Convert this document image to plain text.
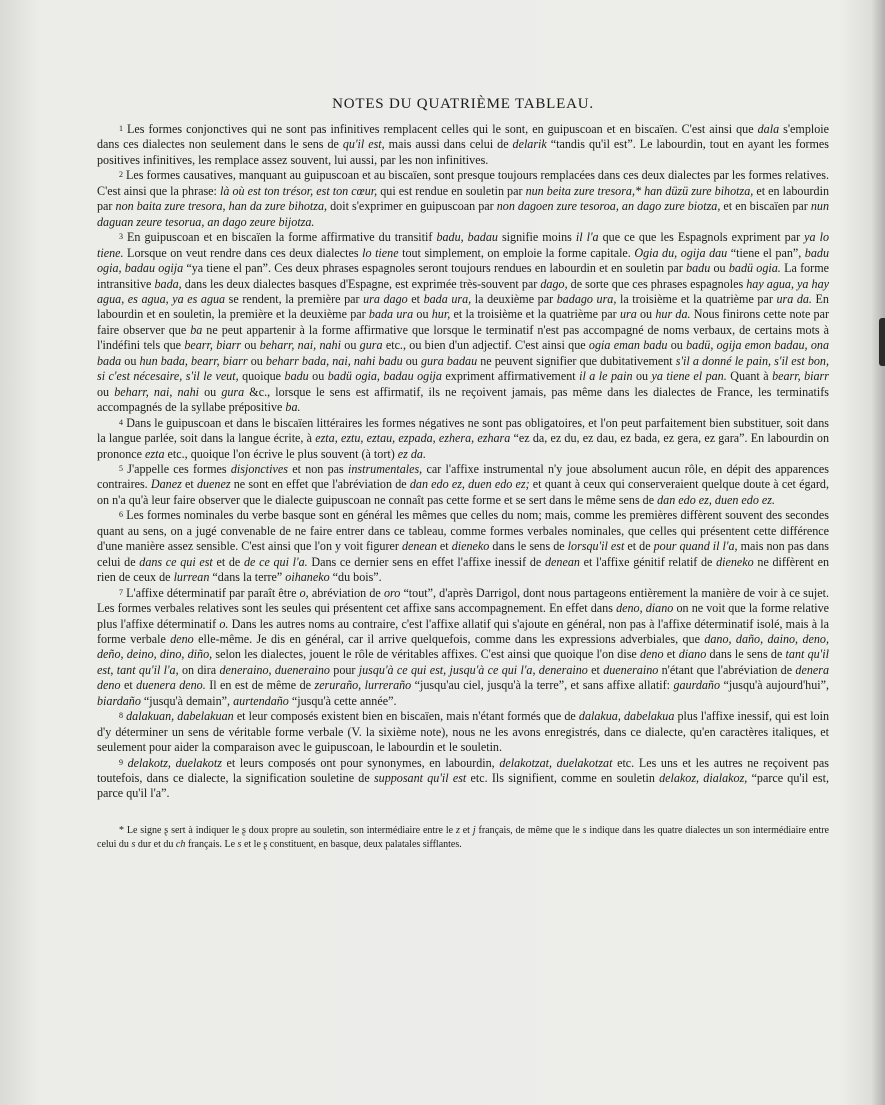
NOTES DU QUATRIÈME TABLEAU.

$^1$ Les formes conjonctives qui ne sont pas infinitives remplacent celles qui le sont, en guipuscoan et en biscaïen. C'est ainsi que dala s'emploie dans ces dialectes non seulement dans le sens de qu'il est, mais aussi dans celui de delarik “tandis qu'il est”. Le labourdin, tout en ayant les formes positives infinitives, les remplace assez souvent, lui aussi, par les non infinitives.

$^2$ Les formes causatives, manquant au guipuscoan et au biscaïen, sont presque toujours remplacées dans ces deux dialectes par les formes relatives. C'est ainsi que la phrase: là où est ton trésor, est ton cœur, qui est rendue en souletin par nun beita zure tresora,* han düzü zure bihotza, et en labourdin par non baita zure tresora, han da zure bihotza, doit s'exprimer en guipuscoan par non dagoen zure tesoroa, an dago zure biotza, et en biscaïen par nun daguan zeure tesorua, an dago zeure bijotza.

$^3$ En guipuscoan et en biscaïen la forme affirmative du transitif badu, badau signifie moins il l'a que ce que les Espagnols expriment par ya lo tiene. Lorsque on veut rendre dans ces deux dialectes lo tiene tout simplement, on emploie la forme capitale. Ogia du, ogija dau “tiene el pan”, badu ogia, badau ogija “ya tiene el pan”. Ces deux phrases espagnoles seront toujours rendues en labourdin et en souletin par badu ou badü ogia. La forme intransitive bada, dans les deux dialectes basques d'Espagne, est exprimée très-souvent par dago, de sorte que ces phrases espagnoles hay agua, ya hay agua, es agua, ya es agua se rendent, la première par ura dago et bada ura, la deuxième par badago ura, la troisième et la quatrième par ura da. En labourdin et en souletin, la première et la deuxième par bada ura ou hur, et la troisième et la quatrième par ura ou hur da. Nous finirons cette note par faire observer que ba ne peut appartenir à la forme affirmative que lorsque le terminatif n'est pas accompagné de noms verbaux, de certains mots à l'indéfini tels que bearr, biarr ou beharr, nai, nahi ou gura etc., ou bien d'un adjectif. C'est ainsi que ogia eman badu ou badü, ogija emon badau, ona bada ou hun bada, bearr, biarr ou beharr bada, nai, nahi badu ou gura badau ne peuvent signifier que dubitativement s'il a donné le pain, s'il est bon, si c'est nécesaire, s'il le veut, quoique badu ou badü ogia, badau ogija expriment affirmativement il a le pain ou ya tiene el pan. Quant à bearr, biarr ou beharr, nai, nahi ou gura &c., lorsque le sens est affirmatif, ils ne reçoivent jamais, pas même dans les dialectes de France, les terminatifs accompagnés de la syllabe prépositive ba.

$^4$ Dans le guipuscoan et dans le biscaïen littéraires les formes négatives ne sont pas obligatoires, et l'on peut parfaitement bien substituer, soit dans la langue parlée, soit dans la langue écrite, à ezta, eztu, eztau, ezpada, ezhera, ezhara “ez da, ez du, ez dau, ez bada, ez gera, ez gara”. En labourdin on prononce ezta etc., quoique l'on écrive le plus souvent (à tort) ez da.

$^5$ J'appelle ces formes disjonctives et non pas instrumentales, car l'affixe instrumental n'y joue absolument aucun rôle, en dépit des apparences contraires. Danez et duenez ne sont en effet que l'abréviation de dan edo ez, duen edo ez; et quant à ceux qui conserveraient quelque doute à cet égard, on n'a qu'à leur faire observer que le dialecte guipuscoan ne connaît pas cette forme et se sert dans le même sens de dan edo ez, duen edo ez.

$^6$ Les formes nominales du verbe basque sont en général les mêmes que celles du nom; mais, comme les premières diffèrent souvent des secondes quant au sens, on a jugé convenable de ne faire entrer dans ce tableau, comme formes verbales nominales, que celles qui présentent cette différence d'une manière assez sensible. C'est ainsi que l'on y voit figurer denean et dieneko dans le sens de lorsqu'il est et de pour quand il l'a, mais non pas dans celui de dans ce qui est et de de ce qui l'a. Dans ce dernier sens en effet l'affixe inessif de denean et l'affixe génitif relatif de dieneko ne diffèrent en rien de ceux de lurrean “dans la terre” oihaneko “du bois”.

$^7$ L'affixe déterminatif par paraît être o, abréviation de oro “tout”, d'après Darrigol, dont nous partageons entièrement la manière de voir à ce sujet. Les formes verbales relatives sont les seules qui présentent cet affixe sans accompagnement. En effet dans deno, diano on ne voit que la forme relative plus l'affixe déterminatif o. Dans les autres noms au contraire, c'est l'affixe allatif qui s'ajoute en général, non pas à l'affixe déterminatif isolé, mais à la forme verbale deno elle-même. Je dis en général, car il arrive quelquefois, comme dans les expressions adverbiales, que dano, daño, daino, deno, deño, deino, dino, diño, selon les dialectes, jouent le rôle de véritables affixes. C'est ainsi que quoique l'on dise deno et diano dans le sens de tant qu'il est, tant qu'il l'a, on dira deneraino, dueneraino pour jusqu'à ce qui est, jusqu'à ce qui l'a, deneraino et dueneraino n'étant que l'abréviation de denera deno et duenera deno. Il en est de même de zeruraño, lurreraño “jusqu'au ciel, jusqu'à la terre”, et sans affixe allatif: gaurdaño “jusqu'à aujourd'hui”, biardaño “jusqu'à demain”, aurtendaño “jusqu'à cette année”.

$^8$ dalakuan, dabelakuan et leur composés existent bien en biscaïen, mais n'étant formés que de dalakua, dabelakua plus l'affixe inessif, qui est loin d'y déterminer un sens de véritable forme verbale (V. la sixième note), nous ne les avons enregistrés, dans ce dialecte, qu'en caractères italiques, et seulement pour aider la comparaison avec le guipuscoan, le labourdin et le souletin.

$^9$ delakotz, duelakotz et leurs composés ont pour synonymes, en labourdin, delakotzat, duelakotzat etc. Les uns et les autres ne reçoivent pas toutefois, dans ce dialecte, la signification souletine de supposant qu'il est etc. Ils signifient, comme en souletin delakoz, dialakoz, “parce qu'il est, parce qu'il l'a”.

* Le signe ʂ sert à indiquer le ʂ doux propre au souletin, son intermédiaire entre le z et j français, de même que le s indique dans les quatre dialectes un son intermédiaire entre celui du s dur et du ch français. Le s et le ʂ constituent, en basque, deux palatales sifflantes.
